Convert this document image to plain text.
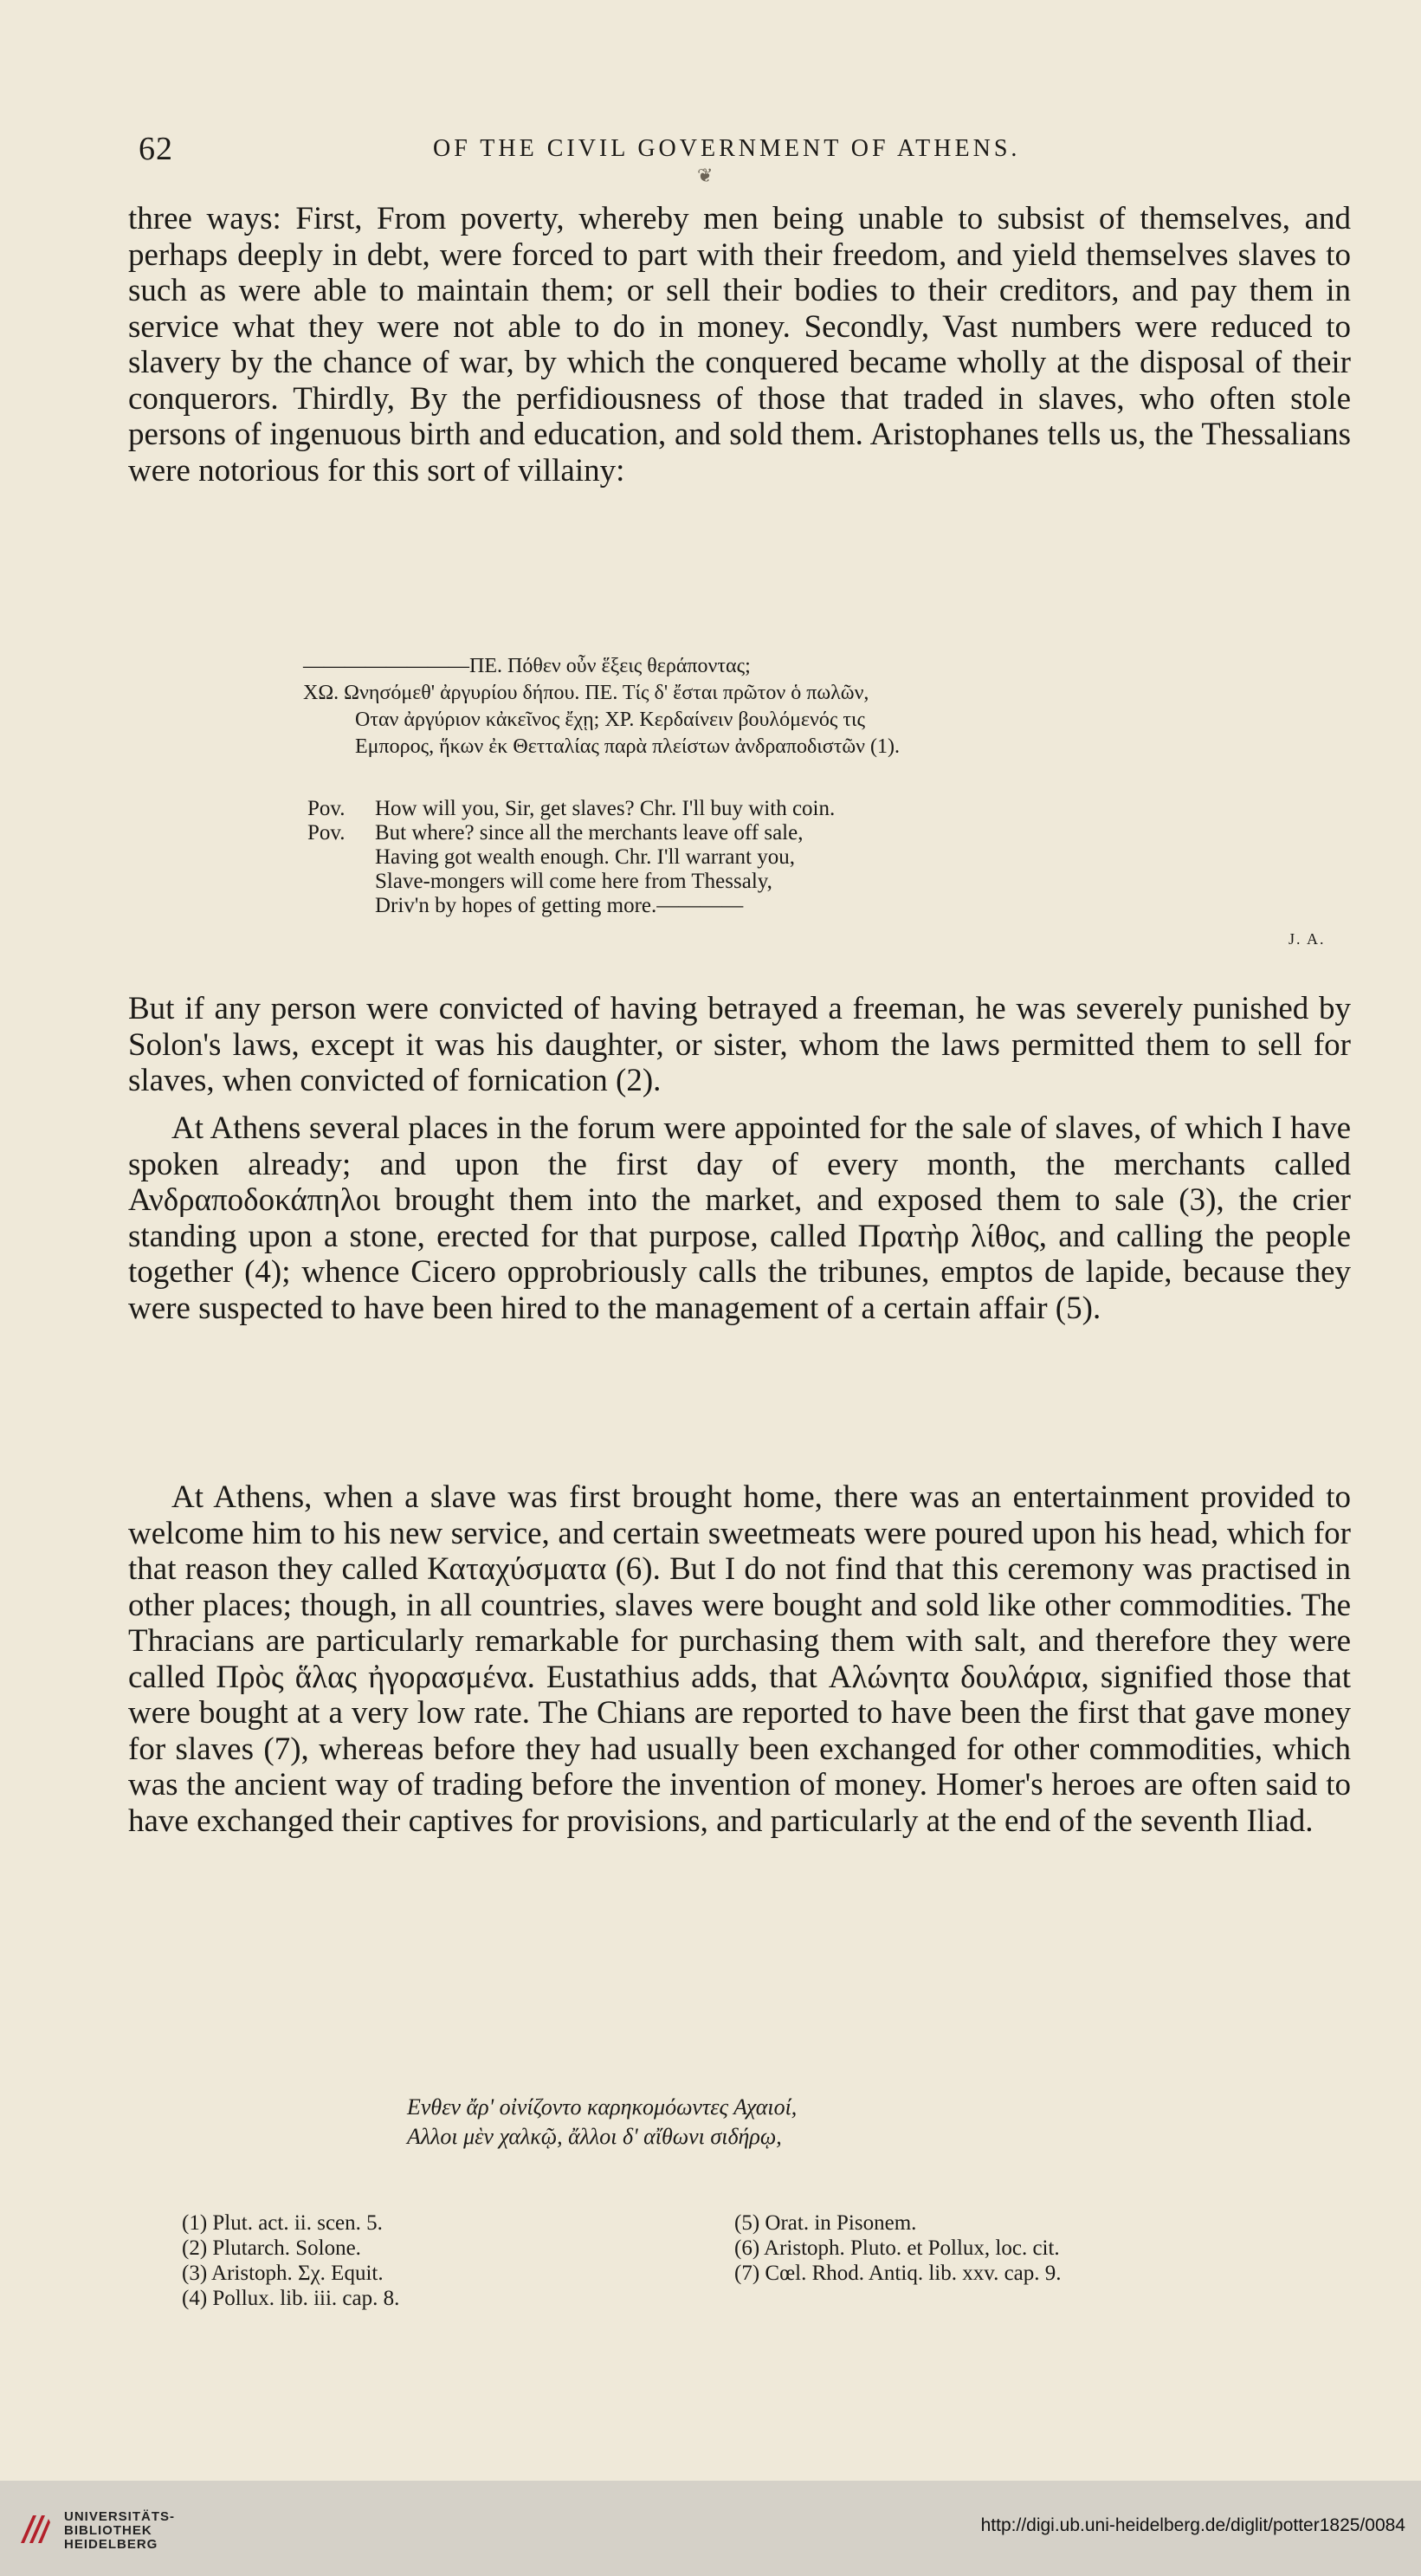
62	OF THE CIVIL GOVERNMENT OF ATHENS.
❦

three ways: First, From poverty, whereby men being unable to subsist of themselves, and perhaps deeply in debt, were forced to part with their freedom, and yield themselves slaves to such as were able to maintain them; or sell their bodies to their creditors, and pay them in service what they were not able to do in money. Secondly, Vast numbers were reduced to slavery by the chance of war, by which the conquered became wholly at the disposal of their conquerors. Thirdly, By the perfidiousness of those that traded in slaves, who often stole persons of ingenuous birth and education, and sold them. Aristophanes tells us, the Thessalians were notorious for this sort of villainy:

————————ΠΕ. Πόθεν οὖν ἕξεις θεράποντας;
ΧΩ. Ωνησόμεθ' ἀργυρίου δήπου. ΠΕ. Τίς δ' ἔσται πρῶτον ὁ πωλῶν,
Οταν ἀργύριον κἀκεῖνος ἔχῃ; ΧΡ. Κερδαίνειν βουλόμενός τις
Εμπορος, ἥκων ἐκ Θετταλίας παρὰ πλείστων ἀνδραποδιστῶν (1).
Pov.	How will you, Sir, get slaves? Chr. I'll buy with coin.
Pov.	But where? since all the merchants leave off sale,
Having got wealth enough. Chr. I'll warrant you,
Slave-mongers will come here from Thessaly,
Driv'n by hopes of getting more.————
J. A.

But if any person were convicted of having betrayed a freeman, he was severely punished by Solon's laws, except it was his daughter, or sister, whom the laws permitted them to sell for slaves, when convicted of fornication (2).

At Athens several places in the forum were appointed for the sale of slaves, of which I have spoken already; and upon the first day of every month, the merchants called Ανδραποδοκάπηλοι brought them into the market, and exposed them to sale (3), the crier standing upon a stone, erected for that purpose, called Πρατὴρ λίθος, and calling the people together (4); whence Cicero opprobriously calls the tribunes, emptos de lapide, because they were suspected to have been hired to the management of a certain affair (5).

At Athens, when a slave was first brought home, there was an entertainment provided to welcome him to his new service, and certain sweetmeats were poured upon his head, which for that reason they called Καταχύσματα (6). But I do not find that this ceremony was practised in other places; though, in all countries, slaves were bought and sold like other commodities. The Thracians are particularly remarkable for purchasing them with salt, and therefore they were called Πρὸς ἅλας ἠγορασμένα. Eustathius adds, that Αλώνητα δουλάρια, signified those that were bought at a very low rate. The Chians are reported to have been the first that gave money for slaves (7), whereas before they had usually been exchanged for other commodities, which was the ancient way of trading before the invention of money. Homer's heroes are often said to have exchanged their captives for provisions, and particularly at the end of the seventh Iliad.

Ενθεν ἄρ' οἰνίζοντο καρηκομόωντες Αχαιοί,
Αλλοι μὲν χαλκῷ, ἄλλοι δ' αἴθωνι σιδήρῳ,
(1) Plut. act. ii. scen. 5.
(2) Plutarch. Solone.
(3) Aristoph. Σχ. Equit.
(4) Pollux. lib. iii. cap. 8.
(5) Orat. in Pisonem.
(6) Aristoph. Pluto. et Pollux, loc. cit.
(7) Cœl. Rhod. Antiq. lib. xxv. cap. 9.
UNIVERSITÄTS-
BIBLIOTHEK
HEIDELBERG
http://digi.ub.uni-heidelberg.de/diglit/potter1825/0084
